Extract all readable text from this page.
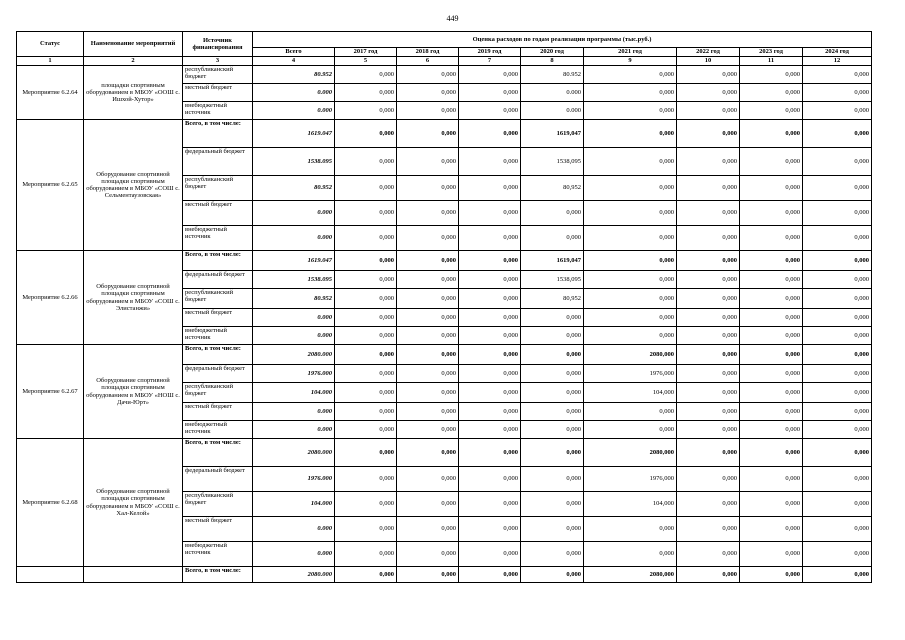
449
Статус	Наименование мероприятий	Источник финансирования	Оценка расходов по годам реализации программы (тыс.руб.)								
			Всего	2017 год	2018 год	2019 год	2020 год	2021 год	2022 год	2023 год	2024 год
1	2	3	4	5	6	7	8	9	10	11	12
Мероприятие 6.2.64	площадки спортивным оборудованием в МБОУ «ООШ с. Ишхой-Хутор»	республиканский бюджет	80.952	0,000	0,000	0,000	80.952	0,000	0,000	0,000	0,000
		местный бюджет	0.000	0,000	0,000	0,000	0.000	0,000	0,000	0,000	0,000
		внебюджетный источник	0.000	0,000	0,000	0,000	0.000	0,000	0,000	0,000	0,000
Мероприятие 6.2.65	Оборудование спортивной площадки спортивным оборудованием в МБОУ «СОШ с. Сельментаузовская»	Всего, в том числе:	1619.047	0,000	0,000	0,000	1619,047	0,000	0,000	0,000	0,000
		федеральный бюджет	1538.095	0,000	0,000	0,000	1538,095	0,000	0,000	0,000	0,000
		республиканский бюджет	80.952	0,000	0,000	0,000	80,952	0,000	0,000	0,000	0,000
		местный бюджет	0.000	0,000	0,000	0,000	0,000	0,000	0,000	0,000	0,000
		внебюджетный источник	0.000	0,000	0,000	0,000	0,000	0,000	0,000	0,000	0,000
Мероприятие 6.2.66	Оборудование спортивной площадки спортивным оборудованием в МБОУ «СОШ с. Элистанжи»	Всего, в том числе:	1619.047	0,000	0,000	0,000	1619,047	0,000	0,000	0,000	0,000
		федеральный бюджет	1538.095	0,000	0,000	0,000	1538,095	0,000	0,000	0,000	0,000
		республиканский бюджет	80.952	0,000	0,000	0,000	80,952	0,000	0,000	0,000	0,000
		местный бюджет	0.000	0,000	0,000	0,000	0,000	0,000	0,000	0,000	0,000
		внебюджетный источник	0.000	0,000	0,000	0,000	0,000	0,000	0,000	0,000	0,000
Мероприятие 6.2.67	Оборудование спортивной площадки спортивным оборудованием в МБОУ «НОШ с. Дачи-Юрт»	Всего, в том числе:	2080.000	0,000	0,000	0,000	0,000	2080,000	0,000	0,000	0,000
		федеральный бюджет	1976.000	0,000	0,000	0,000	0,000	1976,000	0,000	0,000	0,000
		республиканский бюджет	104.000	0,000	0,000	0,000	0,000	104,000	0,000	0,000	0,000
		местный бюджет	0.000	0,000	0,000	0,000	0,000	0,000	0,000	0,000	0,000
		внебюджетный источник	0.000	0,000	0,000	0,000	0,000	0,000	0,000	0,000	0,000
Мероприятие 6.2.68	Оборудование спортивной площадки спортивным оборудованием в МБОУ «СОШ с. Хал-Келой»	Всего, в том числе:	2080.000	0,000	0,000	0,000	0,000	2080,000	0,000	0,000	0,000
		федеральный бюджет	1976.000	0,000	0,000	0,000	0,000	1976,000	0,000	0,000	0,000
		республиканский бюджет	104.000	0,000	0,000	0,000	0,000	104,000	0,000	0,000	0,000
		местный бюджет	0.000	0,000	0,000	0,000	0,000	0,000	0,000	0,000	0,000
		внебюджетный источник	0.000	0,000	0,000	0,000	0,000	0,000	0,000	0,000	0,000
		Всего, в том числе:	2080.000	0,000	0,000	0,000	0,000	2080,000	0,000	0,000	0,000
